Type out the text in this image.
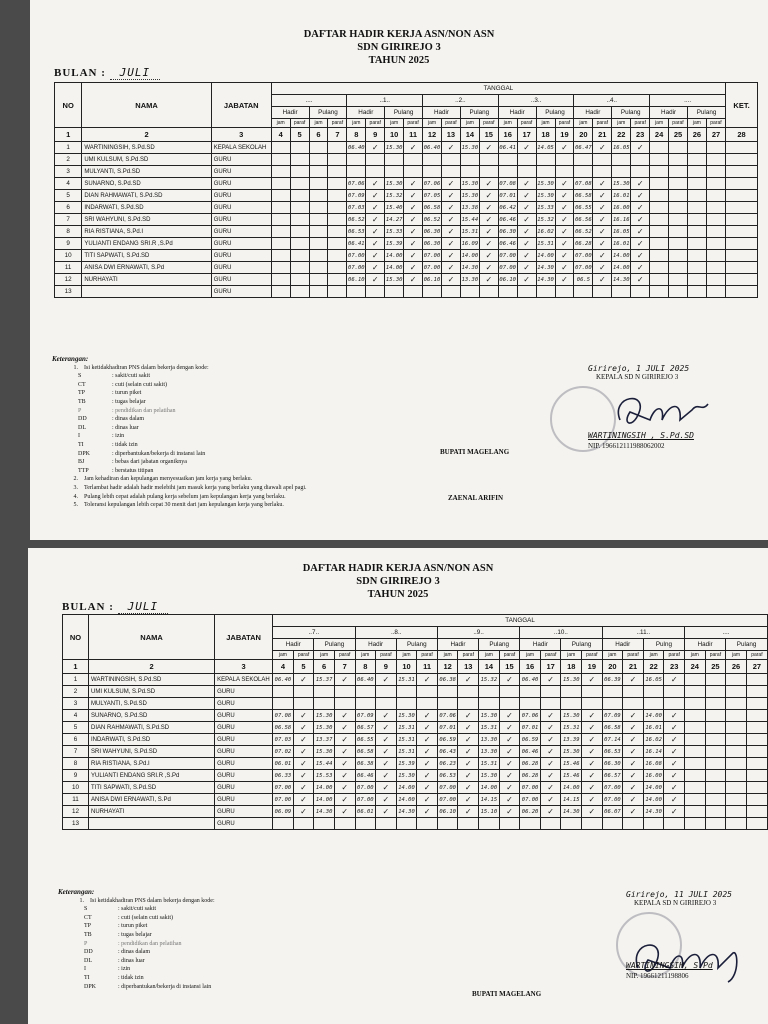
DAFTAR HADIR KERJA ASN/NON ASN
SDN GIRIREJO 3
TAHUN 2025
BULAN : JULI
NO	NAMA	JABATAN	TANGGAL																								KET.
			....				..1..				..2..				..3..				..4..				....				
			Hadir		Pulang		Hadir		Pulang		Hadir		Pulang		Hadir		Pulang		Hadir		Pulang		Hadir		Pulang		
			jam	paraf	jam	paraf	jam	paraf	jam	paraf	jam	paraf	jam	paraf	jam	paraf	jam	paraf	jam	paraf	jam	paraf	jam	paraf	jam	paraf	
1	2	3	4	5	6	7	8	9	10	11	12	13	14	15	16	17	18	19	20	21	22	23	24	25	26	27	28
1	WARTININGSIH, S.Pd.SD	KEPALA SEKOLAH					06.40	✓	15.30	✓	06.40	✓	15.30	✓	06.41	✓	14.05	✓	06.47	✓	16.05	✓					
2	UMI KULSUM, S.Pd.SD	GURU																									
3	MULYANTI, S.Pd.SD	GURU																									
4	SUNARNO, S.Pd.SD	GURU					07.06	✓	15.30	✓	07.06	✓	15.30	✓	07.08	✓	15.30	✓	07.08	✓	15.30	✓					
5	DIAN RAHMAWATI, S.Pd.SD	GURU					07.09	✓	15.32	✓	07.05	✓	15.30	✓	07.01	✓	15.30	✓	06.58	✓	16.01	✓					
6	INDARWATI, S.Pd.SD	GURU					07.03	✓	15.40	✓	06.58	✓	13.38	✓	06.42	✓	15.33	✓	06.55	✓	16.00	✓					
7	SRI WAHYUNI, S.Pd.SD	GURU					06.52	✓	14.27	✓	06.52	✓	15.44	✓	06.46	✓	15.32	✓	06.56	✓	16.16	✓					
8	RIA RISTIANA, S.Pd.I	GURU					06.53	✓	15.33	✓	06.30	✓	15.31	✓	06.30	✓	16.02	✓	06.52	✓	16.05	✓					
9	YULIANTI ENDANG SRI.R ,S.Pd	GURU					06.41	✓	15.39	✓	06.30	✓	16.09	✓	06.46	✓	15.31	✓	06.28	✓	16.01	✓					
10	TITI SAPWATI, S.Pd.SD	GURU					07.00	✓	14.00	✓	07.00	✓	14.00	✓	07.00	✓	14.00	✓	07.00	✓	14.00	✓					
11	ANISA DWI ERNAWATI, S.Pd	GURU					07.00	✓	14.00	✓	07.00	✓	14.30	✓	07.00	✓	14.30	✓	07.00	✓	14.00	✓					
12	NURHAYATI	GURU					06.10	✓	15.30	✓	06.10	✓	13.30	✓	06.10	✓	14.30	✓	06.5	✓	14.30	✓					
13		GURU																									
Keterangan:
1.	Isi ketidakhadiran PNS dalam bekerja dengan kode:
S	: sakit/cuti sakit
CT	: cuti (selain cuti sakit)
TP	: turun piket
TB	: tugas belajar
P	: pendidikan dan pelatihan
DD	: dinas dalam
DL	: dinas luar
I	: izin
TI	: tidak izin
DPK	: diperbantukan/bekerja di instansi lain
BJ	: bebas dari jabatan organiknya
TTP	: berstatus titipan
2.	Jam kehadiran dan kepulangan menyesuaikan jam kerja yang berlaku.
3.	Terlambat hadir adalah hadir melebihi jam masuk kerja yang berlaku yang diawali apel pagi.
4.	Pulang lebih cepat adalah pulang kerja sebelum jam kepulangan kerja yang berlaku.
5.	Toleransi kepulangan lebih cepat 30 menit dari jam kepulangan kerja yang berlaku.
BUPATI MAGELANG
ZAENAL ARIFIN
Girirejo, 1 JULI 2025
KEPALA SD N GIRIREJO 3
WARTININGSIH , S.Pd.SD
NIP. 196612111988062002
DAFTAR HADIR KERJA ASN/NON ASN
SDN GIRIREJO 3
TAHUN 2025
BULAN : JULI
NO	NAMA	JABATAN	TANGGAL																							
			..7..				..8..				..9..				..10..				..11..				....			
			Hadir		Pulang		Hadir		Pulang		Hadir		Pulang		Hadir		Pulang		Hadir		Pulng		Hadir		Pulang	
			jam	paraf	jam	paraf	jam	paraf	jam	paraf	jam	paraf	jam	paraf	jam	paraf	jam	paraf	jam	paraf	jam	paraf	jam	paraf	jam	paraf
1	2	3	4	5	6	7	8	9	10	11	12	13	14	15	16	17	18	19	20	21	22	23	24	25	26	27
1	WARTININGSIH, S.Pd.SD	KEPALA SEKOLAH	06.40	✓	15.37	✓	06.40	✓	15.31	✓	06.38	✓	15.32	✓	06.40	✓	15.30	✓	06.39	✓	16.05	✓				
2	UMI KULSUM, S.Pd.SD	GURU																								
3	MULYANTI, S.Pd.SD	GURU																								
4	SUNARNO, S.Pd.SD	GURU	07.08	✓	15.30	✓	07.09	✓	15.30	✓	07.06	✓	15.30	✓	07.06	✓	15.30	✓	07.09	✓	14.00	✓				
5	DIAN RAHMAWATI, S.Pd.SD	GURU	06.58	✓	15.30	✓	06.57	✓	15.31	✓	07.01	✓	15.31	✓	07.01	✓	15.31	✓	06.58	✓	16.01	✓				
6	INDARWATI, S.Pd.SD	GURU	07.03	✓	13.37	✓	06.55	✓	15.31	✓	06.59	✓	13.30	✓	06.59	✓	13.39	✓	07.14	✓	16.02	✓				
7	SRI WAHYUNI, S.Pd.SD	GURU	07.02	✓	15.30	✓	06.58	✓	15.31	✓	06.43	✓	13.30	✓	06.46	✓	15.30	✓	06.53	✓	16.14	✓				
8	RIA RISTIANA, S.Pd.I	GURU	06.01	✓	15.44	✓	06.38	✓	15.39	✓	06.23	✓	15.31	✓	06.28	✓	15.46	✓	06.30	✓	16.08	✓				
9	YULIANTI ENDANG SRI.R ,S.Pd	GURU	06.33	✓	15.53	✓	06.46	✓	15.30	✓	06.53	✓	15.30	✓	06.28	✓	15.46	✓	06.57	✓	16.00	✓				
10	TITI SAPWATI, S.Pd.SD	GURU	07.00	✓	14.00	✓	07.00	✓	14.00	✓	07.00	✓	14.00	✓	07.00	✓	14.00	✓	07.00	✓	14.00	✓				
11	ANISA DWI ERNAWATI, S.Pd	GURU	07.00	✓	14.00	✓	07.00	✓	14.00	✓	07.00	✓	14.15	✓	07.00	✓	14.15	✓	07.00	✓	14.00	✓				
12	NURHAYATI	GURU	06.09	✓	14.30	✓	06.01	✓	14.30	✓	06.10	✓	15.10	✓	06.20	✓	14.30	✓	06.07	✓	14.30	✓				
13		GURU																								
Keterangan:
1.	Isi ketidakhadiran PNS dalam bekerja dengan kode:
S	: sakit/cuti sakit
CT	: cuti (selain cuti sakit)
TP	: turun piket
TB	: tugas belajar
P	: pendidikan dan pelatihan
DD	: dinas dalam
DL	: dinas luar
I	: izin
TI	: tidak izin
DPK	: diperbantukan/bekerja di instansi lain
BUPATI MAGELANG
Girirejo, 11 JULI 2025
KEPALA SD N GIRIREJO 3
WARTININGSIH, S.Pd
NIP. 19661211198806
